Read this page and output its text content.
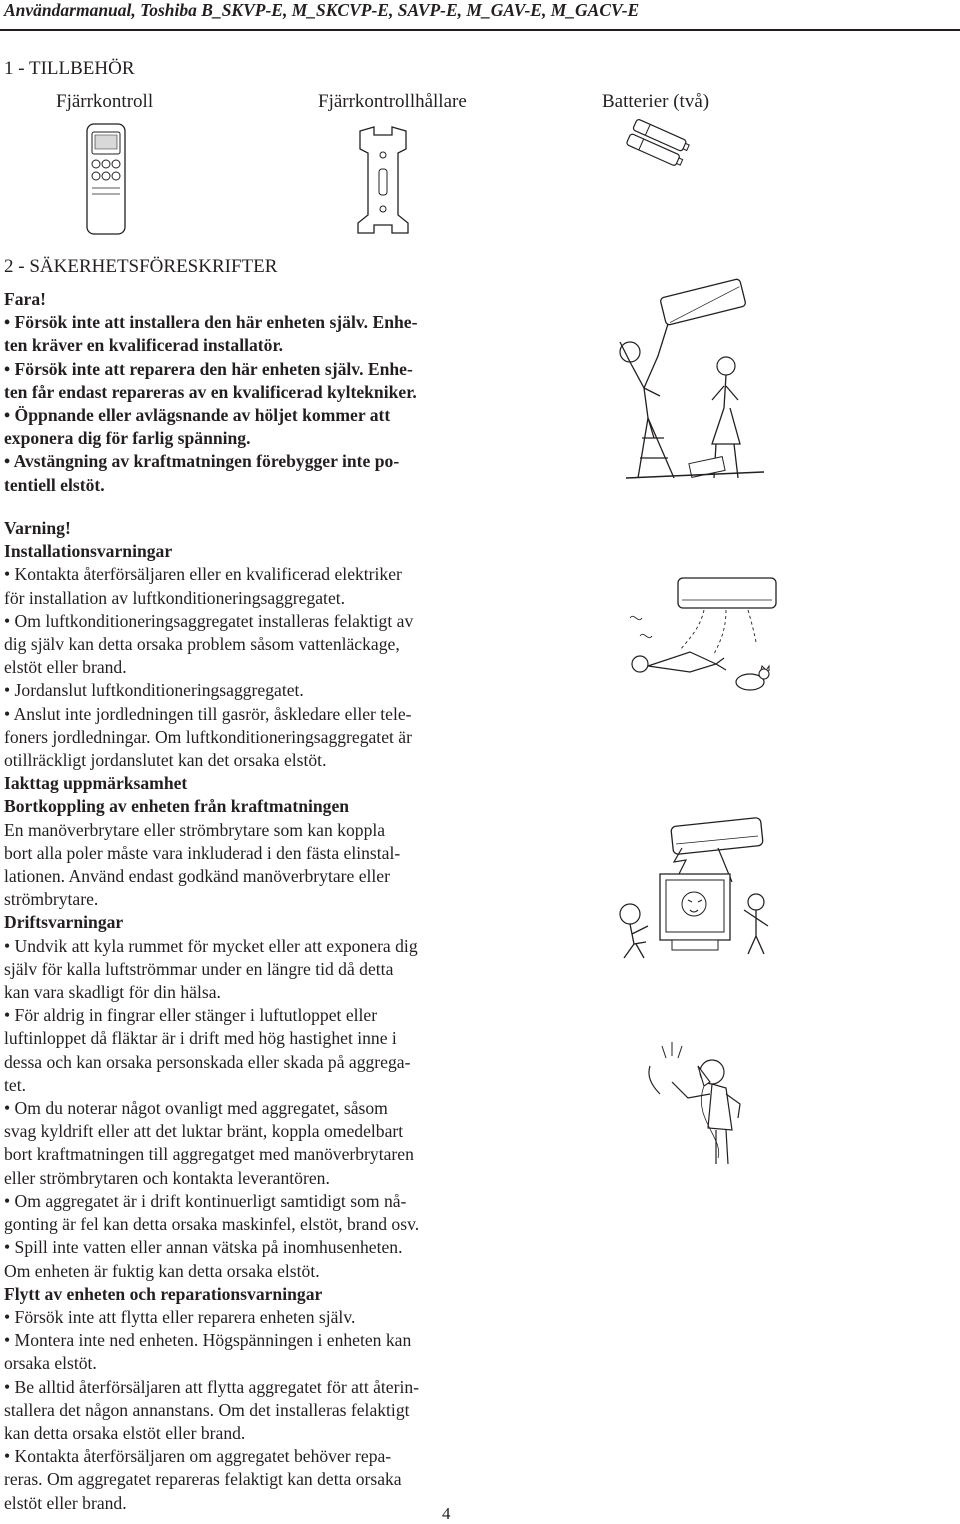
Användarmanual, Toshiba B_SKVP-E, M_SKCVP-E, SAVP-E, M_GAV-E, M_GACV-E
1 - TILLBEHÖR
Fjärrkontroll	Fjärrkontrollhållare	Batterier (två)
2 - SÄKERHETSFÖRESKRIFTER
Fara!
• Försök inte att installera den här enheten själv. Enhe-
ten kräver en kvalificerad installatör.
• Försök inte att reparera den här enheten själv. Enhe-
ten får endast repareras av en kvalificerad kyltekniker.
• Öppnande eller avlägsnande av höljet kommer att
exponera dig för farlig spänning.
• Avstängning av kraftmatningen förebygger inte po-
tentiell elstöt.
Varning!
Installationsvarningar
• Kontakta återförsäljaren eller en kvalificerad elektriker
för installation av luftkonditioneringsaggregatet.
• Om luftkonditioneringsaggregatet installeras felaktigt av
dig själv kan detta orsaka problem såsom vattenläckage,
elstöt eller brand.
• Jordanslut luftkonditioneringsaggregatet.
• Anslut inte jordledningen till gasrör, åskledare eller tele-
foners jordledningar. Om luftkonditioneringsaggregatet är
otillräckligt jordanslutet kan det orsaka elstöt.
Iakttag uppmärksamhet
Bortkoppling av enheten från kraftmatningen
En manöverbrytare eller strömbrytare som kan koppla
bort alla poler måste vara inkluderad i den fästa elinstal-
lationen. Använd endast godkänd manöverbrytare eller
strömbrytare.
Driftsvarningar
• Undvik att kyla rummet för mycket eller att exponera dig
själv för kalla luftströmmar under en längre tid då detta
kan vara skadligt för din hälsa.
• För aldrig in fingrar eller stänger i luftutloppet eller
luftinloppet då fläktar är i drift med hög hastighet inne i
dessa och kan orsaka personskada eller skada på aggrega-
tet.
• Om du noterar något ovanligt med aggregatet, såsom
svag kyldrift eller att det luktar bränt, koppla omedelbart
bort kraftmatningen till aggregatget med manöverbrytaren
eller strömbrytaren och kontakta leverantören.
• Om aggregatet är i drift kontinuerligt samtidigt som nå-
gonting är fel kan detta orsaka maskinfel, elstöt, brand osv.
• Spill inte vatten eller annan vätska på inomhusenheten.
Om enheten är fuktig kan detta orsaka elstöt.
Flytt av enheten och reparationsvarningar
• Försök inte att flytta eller reparera enheten själv.
• Montera inte ned enheten. Högspänningen i enheten kan
orsaka elstöt.
• Be alltid återförsäljaren att flytta aggregatet för att återin-
stallera det någon annanstans. Om det installeras felaktigt
kan detta orsaka elstöt eller brand.
• Kontakta återförsäljaren om aggregatet behöver repa-
reras. Om aggregatet repareras felaktigt kan detta orsaka
elstöt eller brand.
4
